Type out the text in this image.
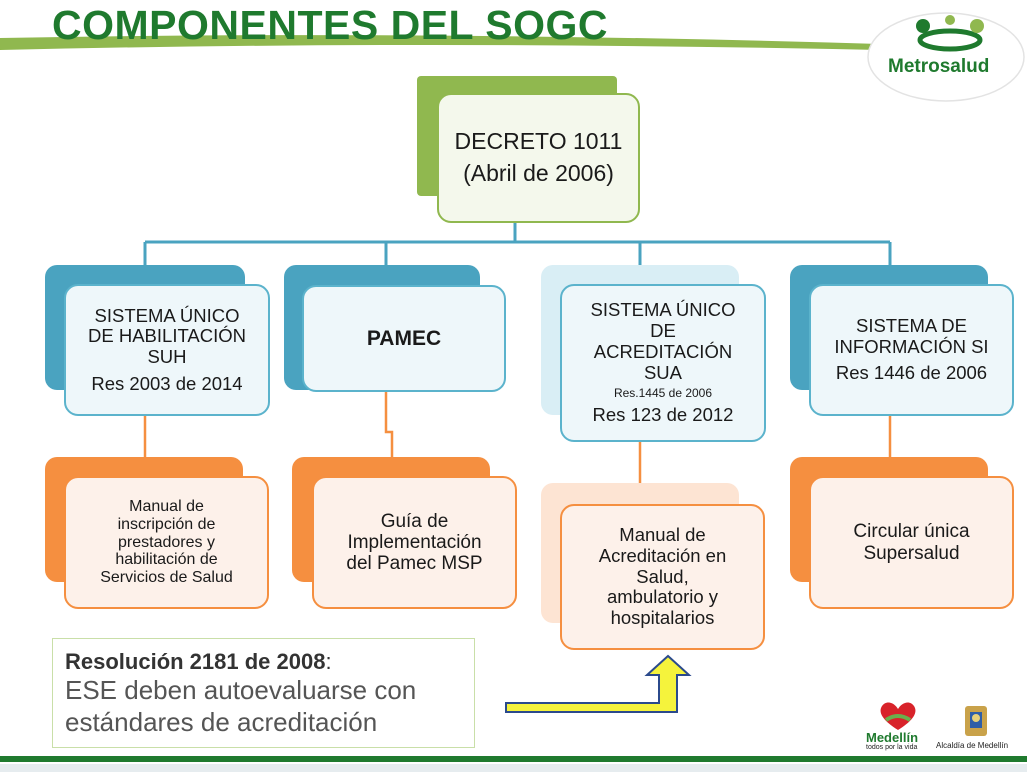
COMPONENTES DEL SOGC
Metrosalud
DECRETO 1011
(Abril de 2006)
SISTEMA ÚNICO
DE HABILITACIÓN
SUH
Res 2003 de 2014
PAMEC
SISTEMA ÚNICO
DE
ACREDITACIÓN
SUA
Res.1445 de 2006
Res 123 de 2012
SISTEMA DE
INFORMACIÓN SI
Res 1446 de 2006
Manual de
inscripción de
prestadores y
habilitación de
Servicios de Salud
Guía de
Implementación
del Pamec MSP
Manual de
Acreditación en
Salud,
ambulatorio y
hospitalarios
Circular única
Supersalud
Resolución 2181 de 2008:
ESE deben autoevaluarse con
estándares de acreditación
Medellín
todos por la vida Alcaldía de Medellín
